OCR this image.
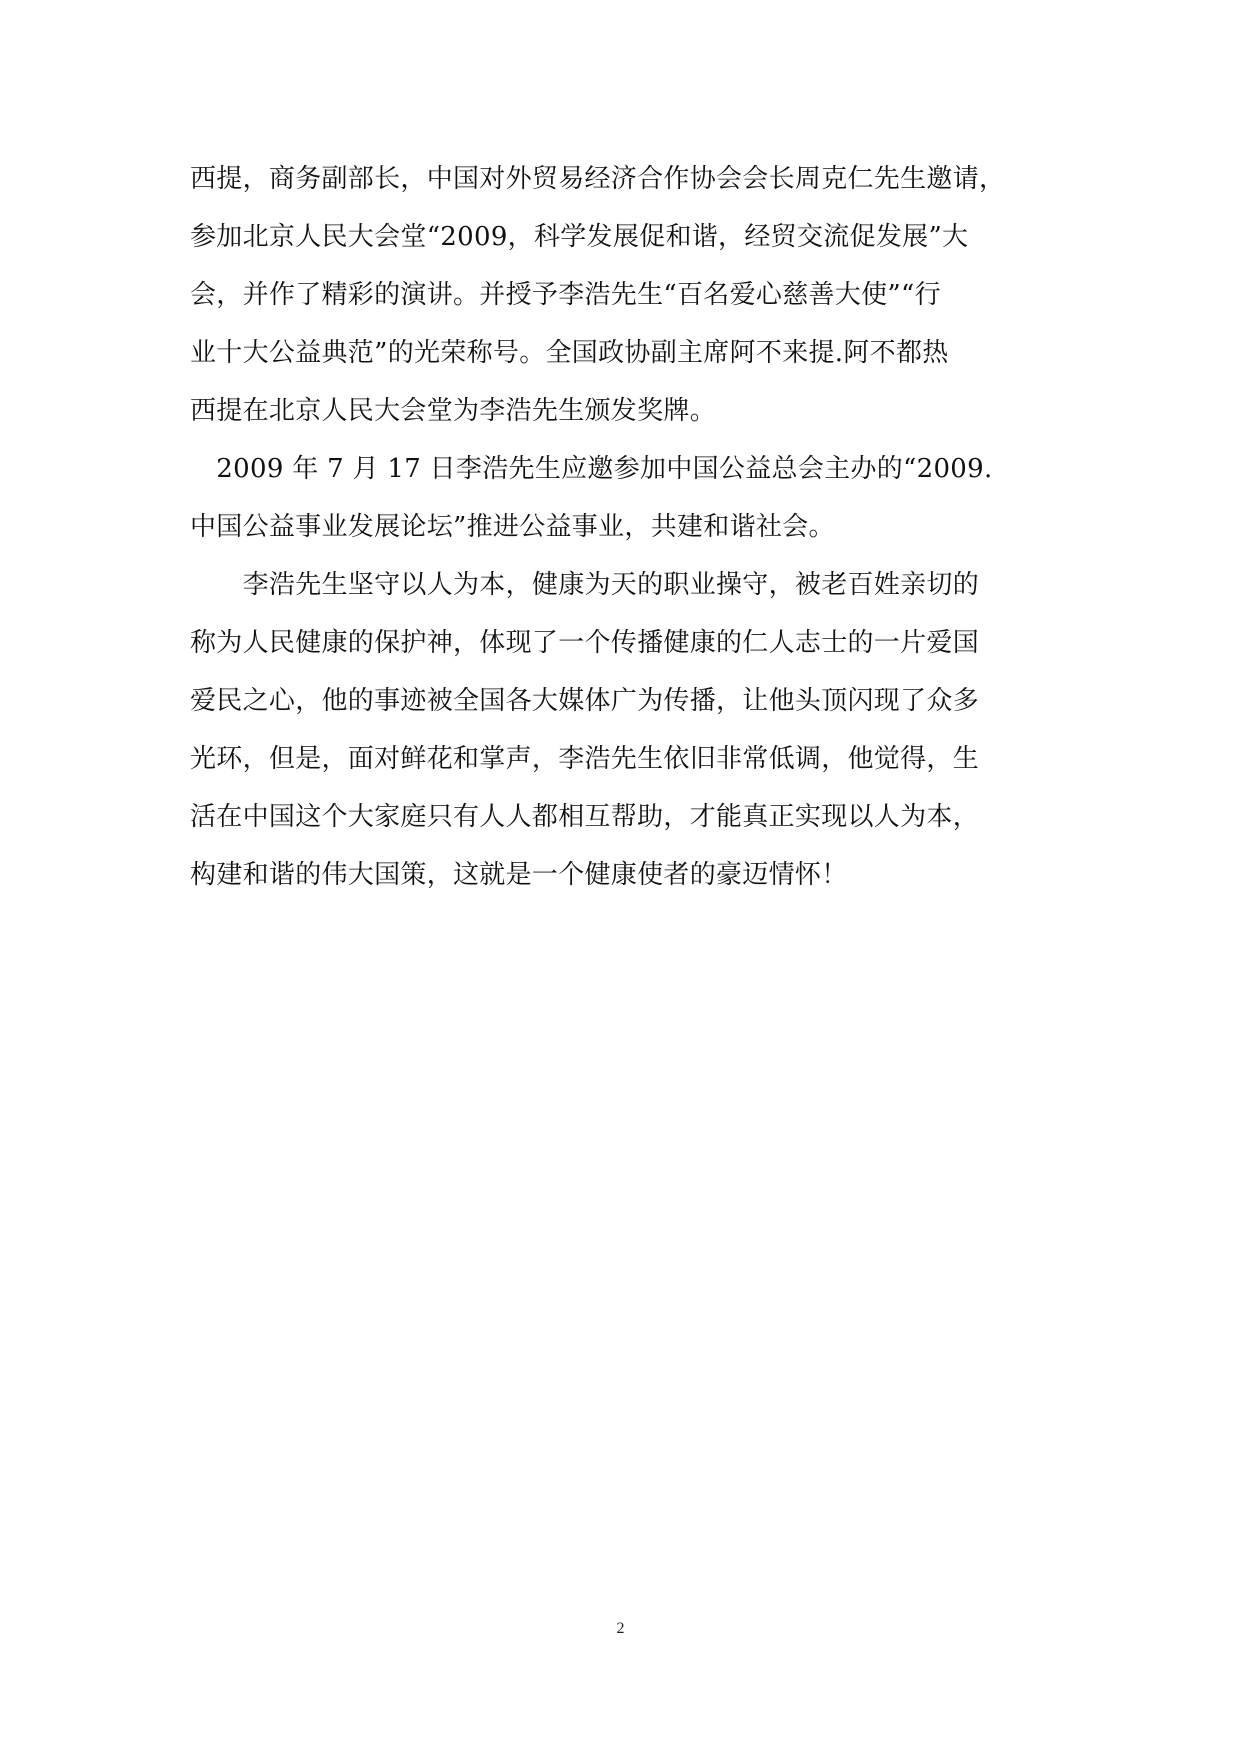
西提，商务副部长，中国对外贸易经济合作协会会长周克仁先生邀请，
参加北京人民大会堂“2009，科学发展促和谐，经贸交流促发展”大
会，并作了精彩的演讲。并授予李浩先生“百名爱心慈善大使”“行
业十大公益典范”的光荣称号。全国政协副主席阿不来提.阿不都热
西提在北京人民大会堂为李浩先生颁发奖牌。
　2009 年 7 月 17 日李浩先生应邀参加中国公益总会主办的“2009.
中国公益事业发展论坛”推进公益事业，共建和谐社会。
　　李浩先生坚守以人为本，健康为天的职业操守，被老百姓亲切的
称为人民健康的保护神，体现了一个传播健康的仁人志士的一片爱国
爱民之心，他的事迹被全国各大媒体广为传播，让他头顶闪现了众多
光环，但是，面对鲜花和掌声，李浩先生依旧非常低调，他觉得，生
活在中国这个大家庭只有人人都相互帮助，才能真正实现以人为本，
构建和谐的伟大国策，这就是一个健康使者的豪迈情怀！
2
